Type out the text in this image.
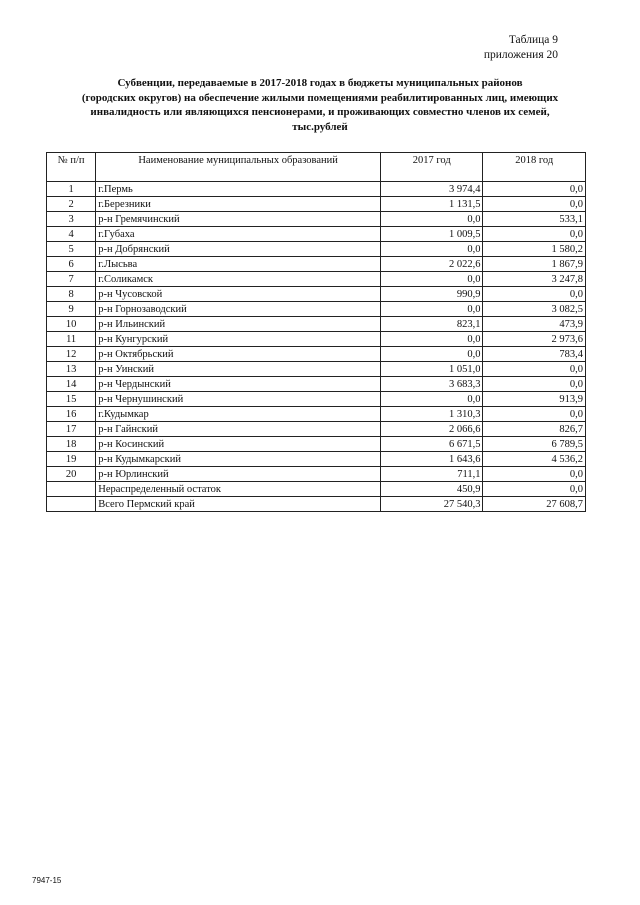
Таблица 9
приложения 20
Субвенции, передаваемые в 2017-2018 годах в бюджеты муниципальных районов
(городских округов) на обеспечение жилыми помещениями реабилитированных лиц, имеющих
инвалидность или являющихся пенсионерами, и проживающих совместно членов их семей,
тыс.рублей
№ п/п	Наименование муниципальных образований	2017 год	2018 год
1	г.Пермь	3 974,4	0,0
2	г.Березники	1 131,5	0,0
3	р-н Гремячинский	0,0	533,1
4	г.Губаха	1 009,5	0,0
5	р-н Добрянский	0,0	1 580,2
6	г.Лысьва	2 022,6	1 867,9
7	г.Соликамск	0,0	3 247,8
8	р-н Чусовской	990,9	0,0
9	р-н Горнозаводский	0,0	3 082,5
10	р-н Ильинский	823,1	473,9
11	р-н Кунгурский	0,0	2 973,6
12	р-н Октябрьский	0,0	783,4
13	р-н Уинский	1 051,0	0,0
14	р-н Чердынский	3 683,3	0,0
15	р-н Чернушинский	0,0	913,9
16	г.Кудымкар	1 310,3	0,0
17	р-н Гайнский	2 066,6	826,7
18	р-н Косинский	6 671,5	6 789,5
19	р-н Кудымкарский	1 643,6	4 536,2
20	р-н Юрлинский	711,1	0,0
	Нераспределенный остаток	450,9	0,0
	Всего Пермский край	27 540,3	27 608,7
7947-15
